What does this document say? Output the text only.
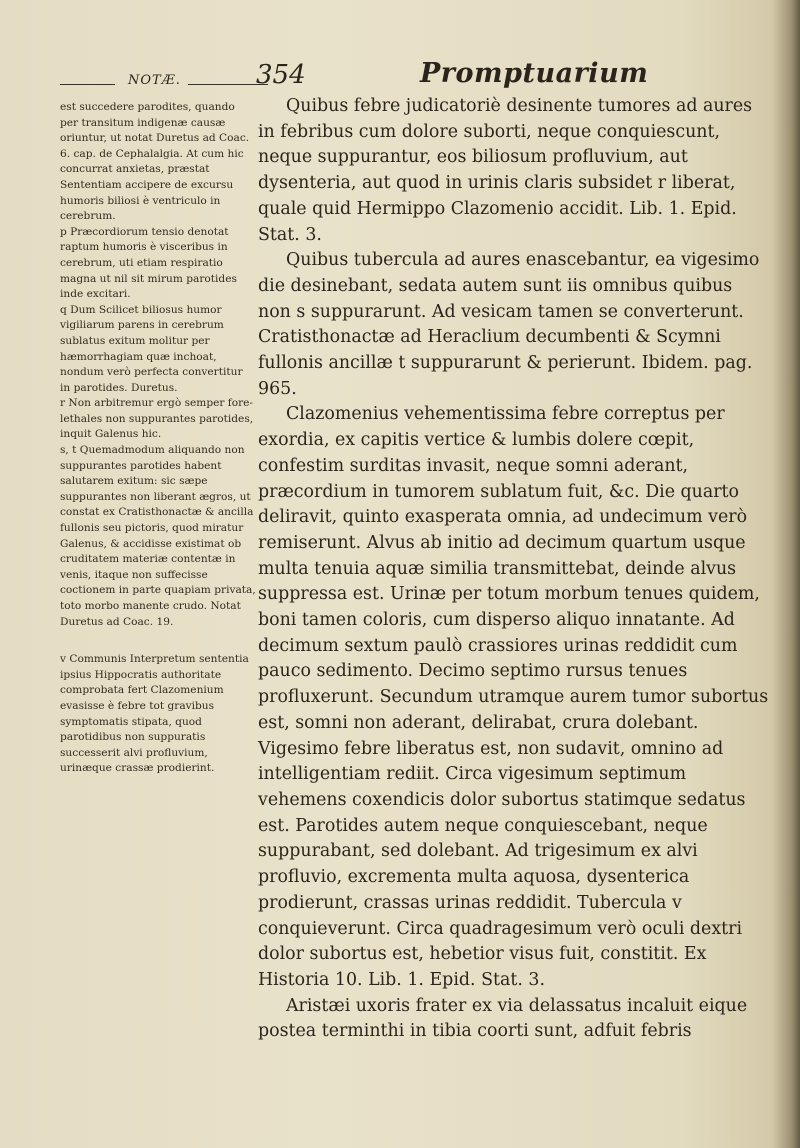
NOTÆ.	354	Promptuarium

est succedere parodites, quando per transitum indigenæ causæ oriuntur, ut notat Duretus ad Coac. 6. cap. de Cephalalgia. At cum hic concurrat anxietas, præstat Sententiam accipere de excursu humoris biliosi è ventriculo in cerebrum.

p Præcordiorum tensio denotat raptum humoris è visceribus in cerebrum, uti etiam respiratio magna ut nil sit mirum parotides inde excitari.

q Dum Scilicet biliosus humor vigiliarum parens in cerebrum sublatus exitum molitur per hæmorrhagiam quæ inchoat, nondum verò perfecta convertitur in parotides. Duretus.

r Non arbitremur ergò semper fore-lethales non suppurantes parotides, inquit Galenus hic.

s, t Quemadmodum aliquando non suppurantes parotides habent salutarem exitum: sic sæpe suppurantes non liberant ægros, ut constat ex Cratisthonactæ & ancilla fullonis seu pictoris, quod miratur Galenus, & accidisse existimat ob cruditatem materiæ contentæ in venis, itaque non suffecisse coctionem in parte quapiam privata, toto morbo manente crudo. Notat Duretus ad Coac. 19.

v Communis Interpretum sententia ipsius Hippocratis authoritate comprobata fert Clazomenium evasisse è febre tot gravibus symptomatis stipata, quod parotidibus non suppuratis successerit alvi profluvium, urinæque crassæ prodierint.

Quibus febre judicatoriè desinente tumores ad aures in febribus cum dolore suborti, neque conquiescunt, neque suppurantur, eos biliosum profluvium, aut dysenteria, aut quod in urinis claris subsidet r liberat, quale quid Hermippo Clazomenio accidit. Lib. 1. Epid. Stat. 3.

Quibus tubercula ad aures enascebantur, ea vigesimo die desinebant, sedata autem sunt iis omnibus quibus non s suppurarunt. Ad vesicam tamen se converterunt. Cratisthonactæ ad Heraclium decumbenti & Scymni fullonis ancillæ t suppurarunt & perierunt. Ibidem. pag. 965.

Clazomenius vehementissima febre correptus per exordia, ex capitis vertice & lumbis dolere cœpit, confestim surditas invasit, neque somni aderant, præcordium in tumorem sublatum fuit, &c. Die quarto deliravit, quinto exasperata omnia, ad undecimum verò remiserunt. Alvus ab initio ad decimum quartum usque multa tenuia aquæ similia transmittebat, deinde alvus suppressa est. Urinæ per totum morbum tenues quidem, boni tamen coloris, cum disperso aliquo innatante. Ad decimum sextum paulò crassiores urinas reddidit cum pauco sedimento. Decimo septimo rursus tenues profluxerunt. Secundum utramque aurem tumor subortus est, somni non aderant, delirabat, crura dolebant. Vigesimo febre liberatus est, non sudavit, omnino ad intelligentiam rediit. Circa vigesimum septimum vehemens coxendicis dolor subortus statimque sedatus est. Parotides autem neque conquiescebant, neque suppurabant, sed dolebant. Ad trigesimum ex alvi profluvio, excrementa multa aquosa, dysenterica prodierunt, crassas urinas reddidit. Tubercula v conquieverunt. Circa quadragesimum verò oculi dextri dolor subortus est, hebetior visus fuit, constitit. Ex Historia 10. Lib. 1. Epid. Stat. 3.

Aristæi uxoris frater ex via delassatus incaluit eique postea terminthi in tibia coorti sunt, adfuit febris
